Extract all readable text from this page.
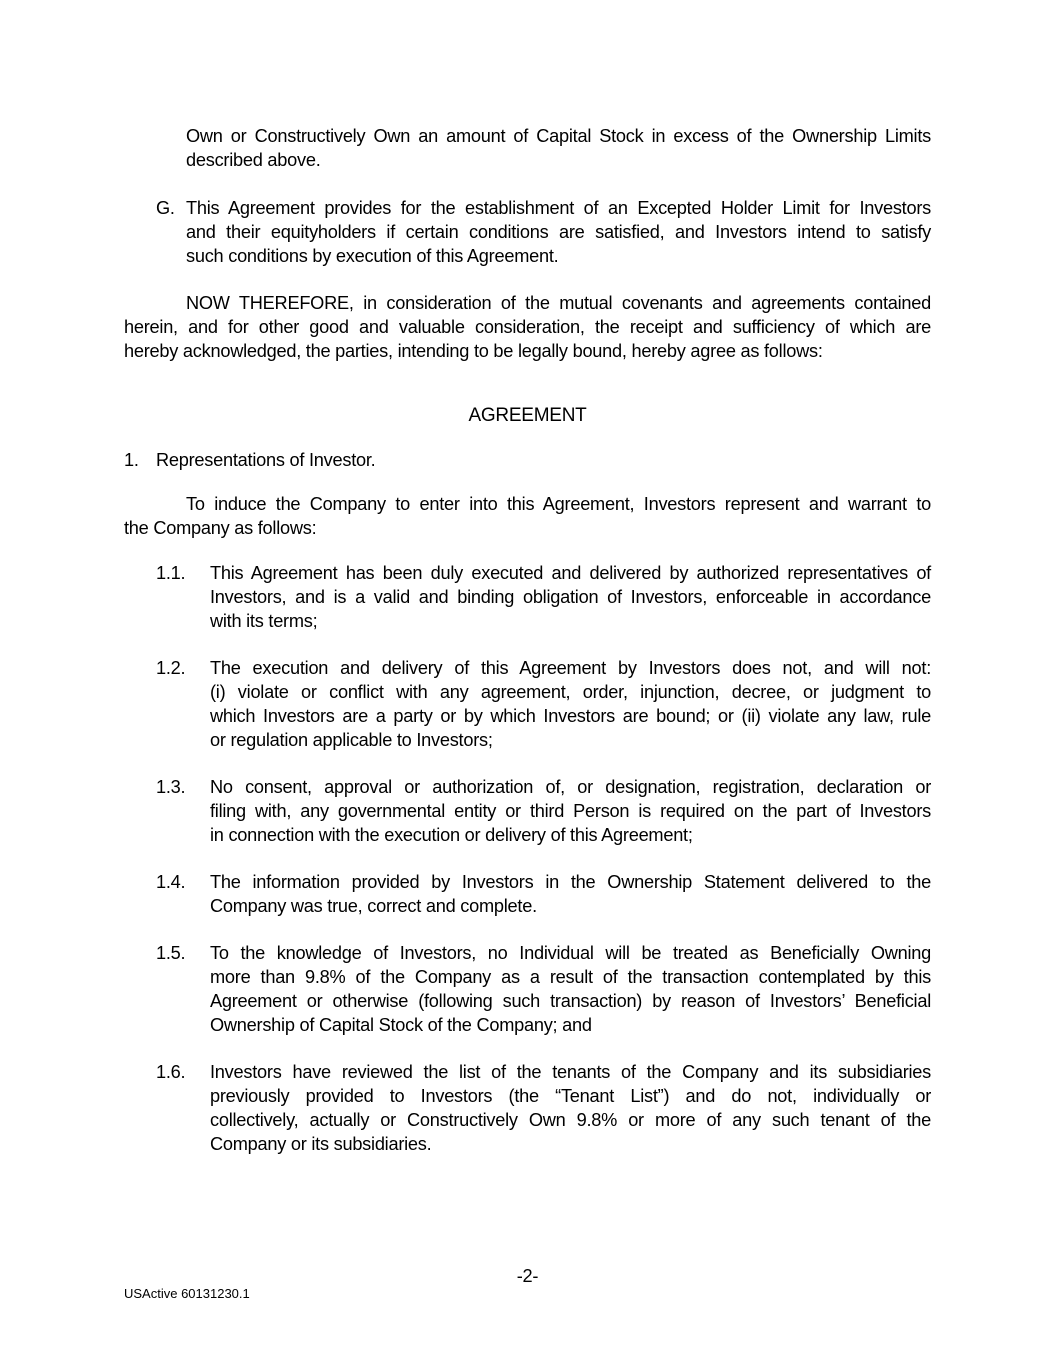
Own or Constructively Own an amount of Capital Stock in excess of the Ownership Limits
described above.
G. This Agreement provides for the establishment of an Excepted Holder Limit for Investors
and their equityholders if certain conditions are satisfied, and Investors intend to satisfy
such conditions by execution of this Agreement.
NOW THEREFORE, in consideration of the mutual covenants and agreements contained
herein, and for other good and valuable consideration, the receipt and sufficiency of which are
hereby acknowledged, the parties, intending to be legally bound, hereby agree as follows:
AGREEMENT
1. Representations of Investor.
To induce the Company to enter into this Agreement, Investors represent and warrant to
the Company as follows:
1.1. This Agreement has been duly executed and delivered by authorized representatives of
Investors, and is a valid and binding obligation of Investors, enforceable in accordance
with its terms;
1.2. The execution and delivery of this Agreement by Investors does not, and will not:
(i) violate or conflict with any agreement, order, injunction, decree, or judgment to
which Investors are a party or by which Investors are bound; or (ii) violate any law, rule
or regulation applicable to Investors;
1.3. No consent, approval or authorization of, or designation, registration, declaration or
filing with, any governmental entity or third Person is required on the part of Investors
in connection with the execution or delivery of this Agreement;
1.4. The information provided by Investors in the Ownership Statement delivered to the
Company was true, correct and complete.
1.5. To the knowledge of Investors, no Individual will be treated as Beneficially Owning
more than 9.8% of the Company as a result of the transaction contemplated by this
Agreement or otherwise (following such transaction) by reason of Investors’ Beneficial
Ownership of Capital Stock of the Company; and
1.6. Investors have reviewed the list of the tenants of the Company and its subsidiaries
previously provided to Investors (the “Tenant List”) and do not, individually or
collectively, actually or Constructively Own 9.8% or more of any such tenant of the
Company or its subsidiaries.
-2-
USActive 60131230.1
